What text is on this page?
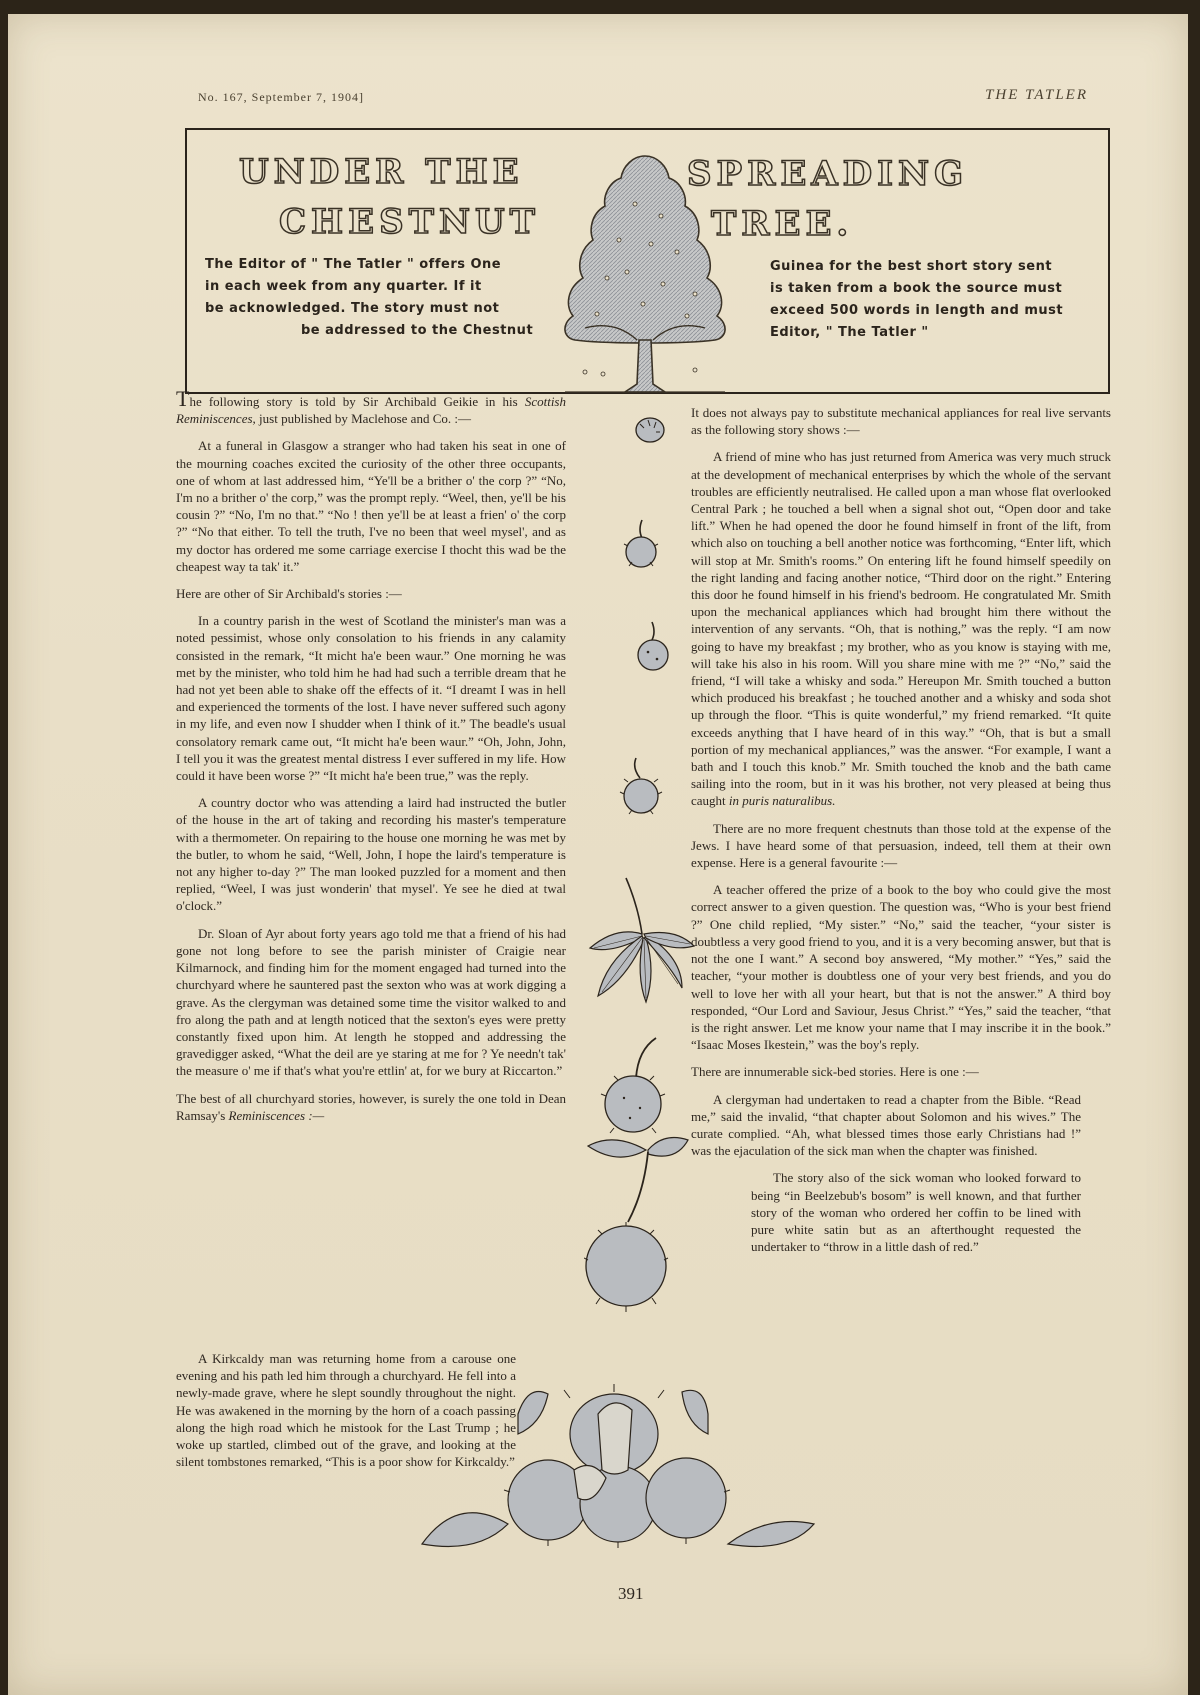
No. 167, September 7, 1904]	THE TATLER
UNDER THE	SPREADING
CHESTNUT	TREE.
The Editor of " The Tatler " offers One
in each week from any quarter. If it
be acknowledged. The story must not
be addressed to the Chestnut
Guinea for the best short story sent
is taken from a book the source must
exceed 500 words in length and must
Editor, " The Tatler "

The following story is told by Sir Archibald Geikie in his Scottish Reminiscences, just published by Maclehose and Co. :—

At a funeral in Glasgow a stranger who had taken his seat in one of the mourning coaches excited the curiosity of the other three occupants, one of whom at last addressed him, “Ye'll be a brither o' the corp ?” “No, I'm no a brither o' the corp,” was the prompt reply. “Weel, then, ye'll be his cousin ?” “No, I'm no that.” “No ! then ye'll be at least a frien' o' the corp ?” “No that either. To tell the truth, I've no been that weel mysel', and as my doctor has ordered me some carriage exercise I thocht this wad be the cheapest way ta tak' it.”

Here are other of Sir Archibald's stories :—

In a country parish in the west of Scotland the minister's man was a noted pessimist, whose only consolation to his friends in any calamity consisted in the remark, “It micht ha'e been waur.” One morning he was met by the minister, who told him he had had such a terrible dream that he had not yet been able to shake off the effects of it. “I dreamt I was in hell and experienced the torments of the lost. I have never suffered such agony in my life, and even now I shudder when I think of it.” The beadle's usual consolatory remark came out, “It micht ha'e been waur.” “Oh, John, John, I tell you it was the greatest mental distress I ever suffered in my life. How could it have been worse ?” “It micht ha'e been true,” was the reply.

A country doctor who was attending a laird had instructed the butler of the house in the art of taking and recording his master's temperature with a thermometer. On repairing to the house one morning he was met by the butler, to whom he said, “Well, John, I hope the laird's temperature is not any higher to-day ?” The man looked puzzled for a moment and then replied, “Weel, I was just wonderin' that mysel'. Ye see he died at twal o'clock.”

Dr. Sloan of Ayr about forty years ago told me that a friend of his had gone not long before to see the parish minister of Craigie near Kilmarnock, and finding him for the moment engaged had turned into the churchyard where he sauntered past the sexton who was at work digging a grave. As the clergyman was detained some time the visitor walked to and fro along the path and at length noticed that the sexton's eyes were pretty constantly fixed upon him. At length he stopped and addressing the gravedigger asked, “What the deil are ye staring at me for ? Ye needn't tak' the measure o' me if that's what you're ettlin' at, for we bury at Riccarton.”

The best of all churchyard stories, however, is surely the one told in Dean Ramsay's Reminiscences :—

A Kirkcaldy man was returning home from a carouse one evening and his path led him through a churchyard. He fell into a newly-made grave, where he slept soundly throughout the night. He was awakened in the morning by the horn of a coach passing along the high road which he mistook for the Last Trump ; he woke up startled, climbed out of the grave, and looking at the silent tombstones remarked, “This is a poor show for Kirkcaldy.”

It does not always pay to substitute mechanical appliances for real live servants as the following story shows :—

A friend of mine who has just returned from America was very much struck at the development of mechanical enterprises by which the whole of the servant troubles are efficiently neutralised. He called upon a man whose flat overlooked Central Park ; he touched a bell when a signal shot out, “Open door and take lift.” When he had opened the door he found himself in front of the lift, from which also on touching a bell another notice was forthcoming, “Enter lift, which will stop at Mr. Smith's rooms.” On entering lift he found himself speedily on the right landing and facing another notice, “Third door on the right.” Entering this door he found himself in his friend's bedroom. He congratulated Mr. Smith upon the mechanical appliances which had brought him there without the intervention of any servants. “Oh, that is nothing,” was the reply. “I am now going to have my breakfast ; my brother, who as you know is staying with me, will take his also in his room. Will you share mine with me ?” “No,” said the friend, “I will take a whisky and soda.” Hereupon Mr. Smith touched a button which produced his breakfast ; he touched another and a whisky and soda shot up through the floor. “This is quite wonderful,” my friend remarked. “It quite exceeds anything that I have heard of in this way.” “Oh, that is but a small portion of my mechanical appliances,” was the answer. “For example, I want a bath and I touch this knob.” Mr. Smith touched the knob and the bath came sailing into the room, but in it was his brother, not very pleased at being thus caught in puris naturalibus.

There are no more frequent chestnuts than those told at the expense of the Jews. I have heard some of that persuasion, indeed, tell them at their own expense. Here is a general favourite :—

A teacher offered the prize of a book to the boy who could give the most correct answer to a given question. The question was, “Who is your best friend ?” One child replied, “My sister.” “No,” said the teacher, “your sister is doubtless a very good friend to you, and it is a very becoming answer, but that is not the one I want.” A second boy answered, “My mother.” “Yes,” said the teacher, “your mother is doubtless one of your very best friends, and you do well to love her with all your heart, but that is not the answer.” A third boy responded, “Our Lord and Saviour, Jesus Christ.” “Yes,” said the teacher, “that is the right answer. Let me know your name that I may inscribe it in the book.” “Isaac Moses Ikestein,” was the boy's reply.

There are innumerable sick-bed stories. Here is one :—

A clergyman had undertaken to read a chapter from the Bible. “Read me,” said the invalid, “that chapter about Solomon and his wives.” The curate complied. “Ah, what blessed times those early Christians had !” was the ejaculation of the sick man when the chapter was finished.

The story also of the sick woman who looked forward to being “in Beelzebub's bosom” is well known, and that further story of the woman who ordered her coffin to be lined with pure white satin but as an afterthought requested the undertaker to “throw in a little dash of red.”

391
